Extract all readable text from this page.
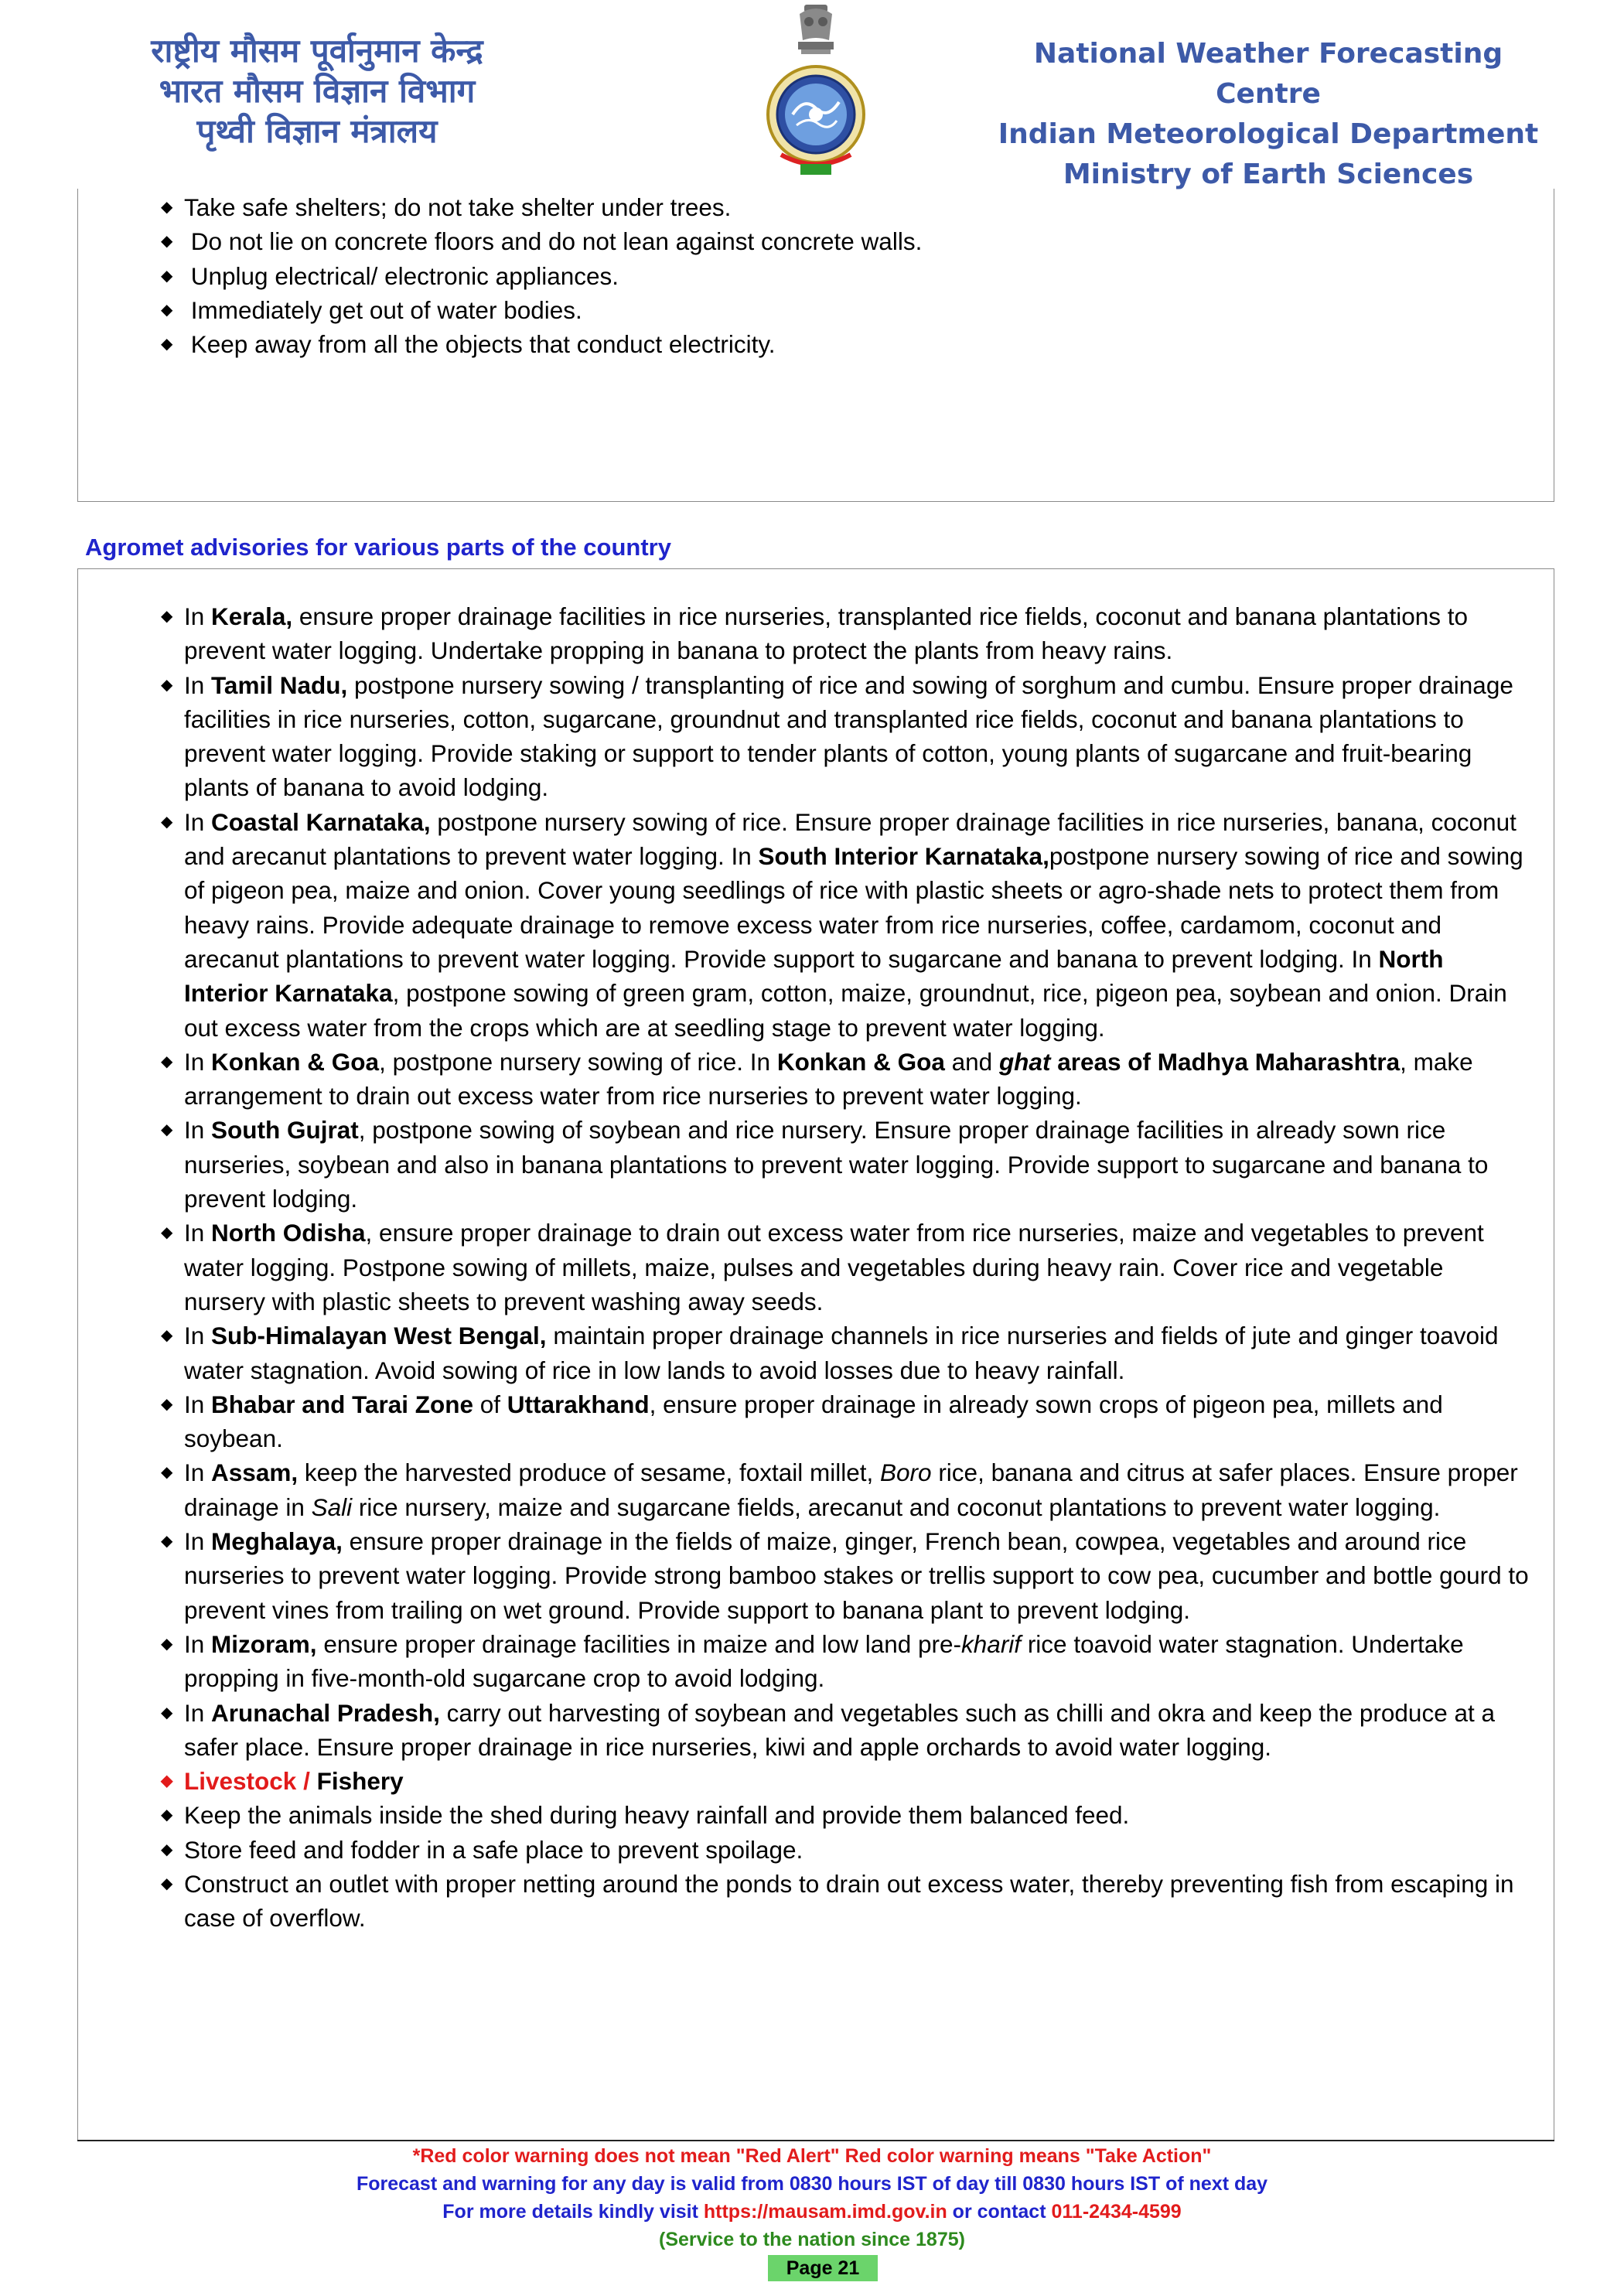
राष्ट्रीय मौसम पूर्वानुमान केन्द्र
भारत मौसम विज्ञान विभाग
पृथ्वी विज्ञान मंत्रालय
National Weather Forecasting Centre
Indian Meteorological Department
Ministry of Earth Sciences
◆ Take safe shelters; do not take shelter under trees.
◆ Do not lie on concrete floors and do not lean against concrete walls.
◆ Unplug electrical/ electronic appliances.
◆ Immediately get out of water bodies.
◆ Keep away from all the objects that conduct electricity.
Agromet advisories for various parts of the country
◆ In Kerala, ensure proper drainage facilities in rice nurseries, transplanted rice fields, coconut and banana plantations to prevent water logging. Undertake propping in banana to protect the plants from heavy rains.
◆ In Tamil Nadu, postpone nursery sowing / transplanting of rice and sowing of sorghum and cumbu. Ensure proper drainage facilities in rice nurseries, cotton, sugarcane, groundnut and transplanted rice fields, coconut and banana plantations to prevent water logging. Provide staking or support to tender plants of cotton, young plants of sugarcane and fruit-bearing plants of banana to avoid lodging.
◆ In Coastal Karnataka, postpone nursery sowing of rice. Ensure proper drainage facilities in rice nurseries, banana, coconut and arecanut plantations to prevent water logging. In South Interior Karnataka,postpone nursery sowing of rice and sowing of pigeon pea, maize and onion. Cover young seedlings of rice with plastic sheets or agro-shade nets to protect them from heavy rains. Provide adequate drainage to remove excess water from rice nurseries, coffee, cardamom, coconut and arecanut plantations to prevent water logging. Provide support to sugarcane and banana to prevent lodging. In North Interior Karnataka, postpone sowing of green gram, cotton, maize, groundnut, rice, pigeon pea, soybean and onion. Drain out excess water from the crops which are at seedling stage to prevent water logging.
◆ In Konkan & Goa, postpone nursery sowing of rice. In Konkan & Goa and ghat areas of Madhya Maharashtra, make arrangement to drain out excess water from rice nurseries to prevent water logging.
◆ In South Gujrat, postpone sowing of soybean and rice nursery. Ensure proper drainage facilities in already sown rice nurseries, soybean and also in banana plantations to prevent water logging. Provide support to sugarcane and banana to prevent lodging.
◆ In North Odisha, ensure proper drainage to drain out excess water from rice nurseries, maize and vegetables to prevent water logging. Postpone sowing of millets, maize, pulses and vegetables during heavy rain. Cover rice and vegetable nursery with plastic sheets to prevent washing away seeds.
◆ In Sub-Himalayan West Bengal, maintain proper drainage channels in rice nurseries and fields of jute and ginger toavoid water stagnation. Avoid sowing of rice in low lands to avoid losses due to heavy rainfall.
◆ In Bhabar and Tarai Zone of Uttarakhand, ensure proper drainage in already sown crops of pigeon pea, millets and soybean.
◆ In Assam, keep the harvested produce of sesame, foxtail millet, Boro rice, banana and citrus at safer places. Ensure proper drainage in Sali rice nursery, maize and sugarcane fields, arecanut and coconut plantations to prevent water logging.
◆ In Meghalaya, ensure proper drainage in the fields of maize, ginger, French bean, cowpea, vegetables and around rice nurseries to prevent water logging. Provide strong bamboo stakes or trellis support to cow pea, cucumber and bottle gourd to prevent vines from trailing on wet ground. Provide support to banana plant to prevent lodging.
◆ In Mizoram, ensure proper drainage facilities in maize and low land pre-kharif rice toavoid water stagnation. Undertake propping in five-month-old sugarcane crop to avoid lodging.
◆ In Arunachal Pradesh, carry out harvesting of soybean and vegetables such as chilli and okra and keep the produce at a safer place. Ensure proper drainage in rice nurseries, kiwi and apple orchards to avoid water logging.
◆ Livestock / Fishery
◆ Keep the animals inside the shed during heavy rainfall and provide them balanced feed.
◆ Store feed and fodder in a safe place to prevent spoilage.
◆ Construct an outlet with proper netting around the ponds to drain out excess water, thereby preventing fish from escaping in case of overflow.
*Red color warning does not mean "Red Alert" Red color warning means "Take Action"
Forecast and warning for any day is valid from 0830 hours IST of day till 0830 hours IST of next day
For more details kindly visit https://mausam.imd.gov.in or contact 011-2434-4599
(Service to the nation since 1875)
Page 21
